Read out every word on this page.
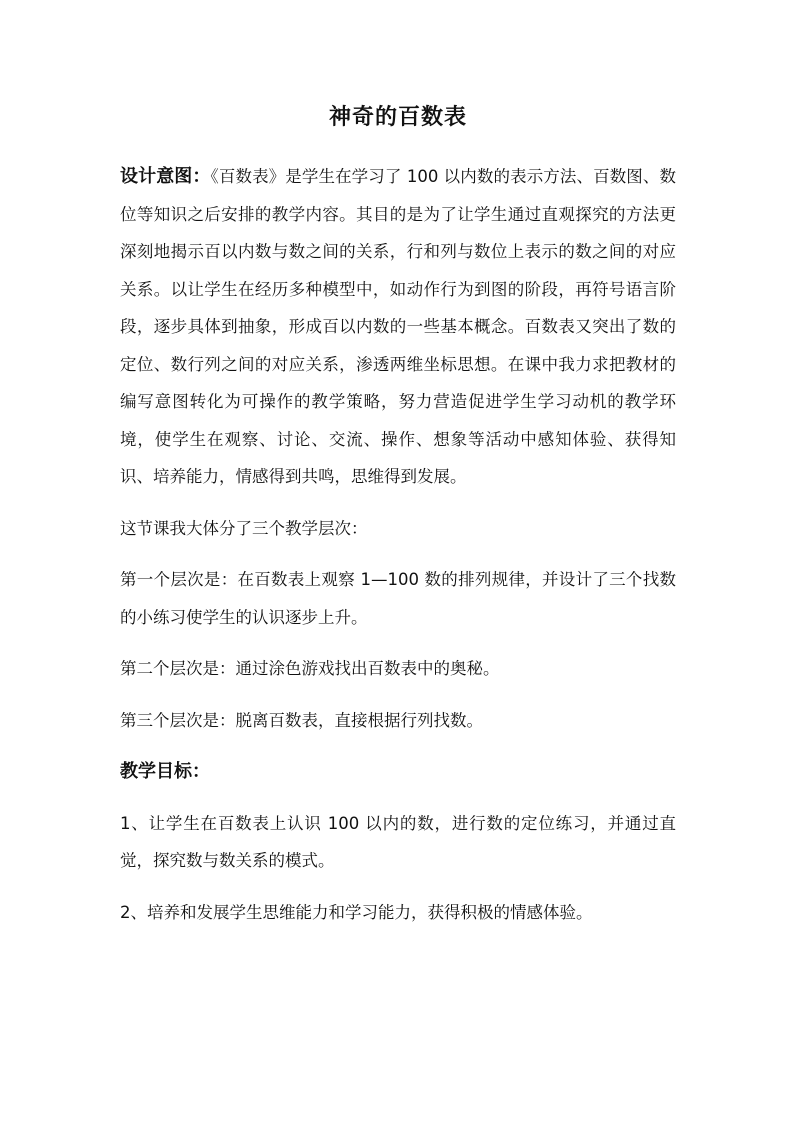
神奇的百数表

设计意图：《百数表》是学生在学习了 100 以内数的表示方法、百数图、数位等知识之后安排的教学内容。其目的是为了让学生通过直观探究的方法更深刻地揭示百以内数与数之间的关系，行和列与数位上表示的数之间的对应关系。以让学生在经历多种模型中，如动作行为到图的阶段，再符号语言阶段，逐步具体到抽象，形成百以内数的一些基本概念。百数表又突出了数的定位、数行列之间的对应关系，渗透两维坐标思想。在课中我力求把教材的编写意图转化为可操作的教学策略，努力营造促进学生学习动机的教学环境，使学生在观察、讨论、交流、操作、想象等活动中感知体验、获得知识、培养能力，情感得到共鸣，思维得到发展。

这节课我大体分了三个教学层次：

第一个层次是：在百数表上观察 1—100 数的排列规律，并设计了三个找数的小练习使学生的认识逐步上升。

第二个层次是：通过涂色游戏找出百数表中的奥秘。

第三个层次是：脱离百数表，直接根据行列找数。

教学目标：

1、让学生在百数表上认识 100 以内的数，进行数的定位练习，并通过直觉，探究数与数关系的模式。

2、培养和发展学生思维能力和学习能力，获得积极的情感体验。
